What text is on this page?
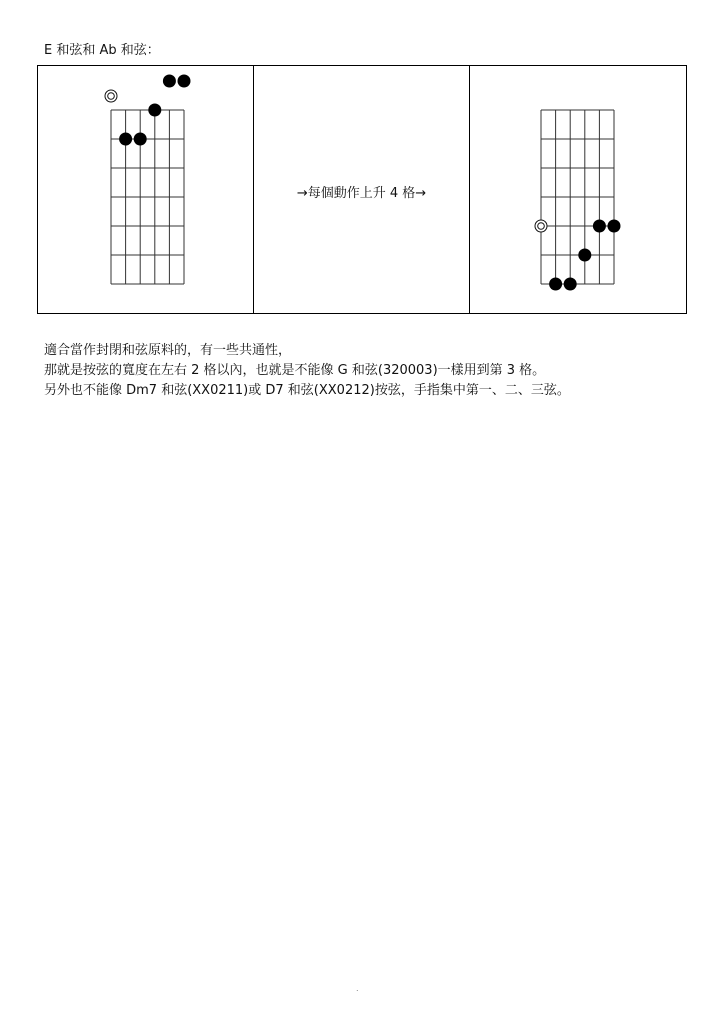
E 和弦和 Ab 和弦：
→每個動作上升 4 格→
適合當作封閉和弦原料的，有一些共通性，
那就是按弦的寬度在左右 2 格以內，也就是不能像 G 和弦(320003)一樣用到第 3 格。
另外也不能像 Dm7 和弦(XX0211)或 D7 和弦(XX0212)按弦，手指集中第一、二、三弦。
.
